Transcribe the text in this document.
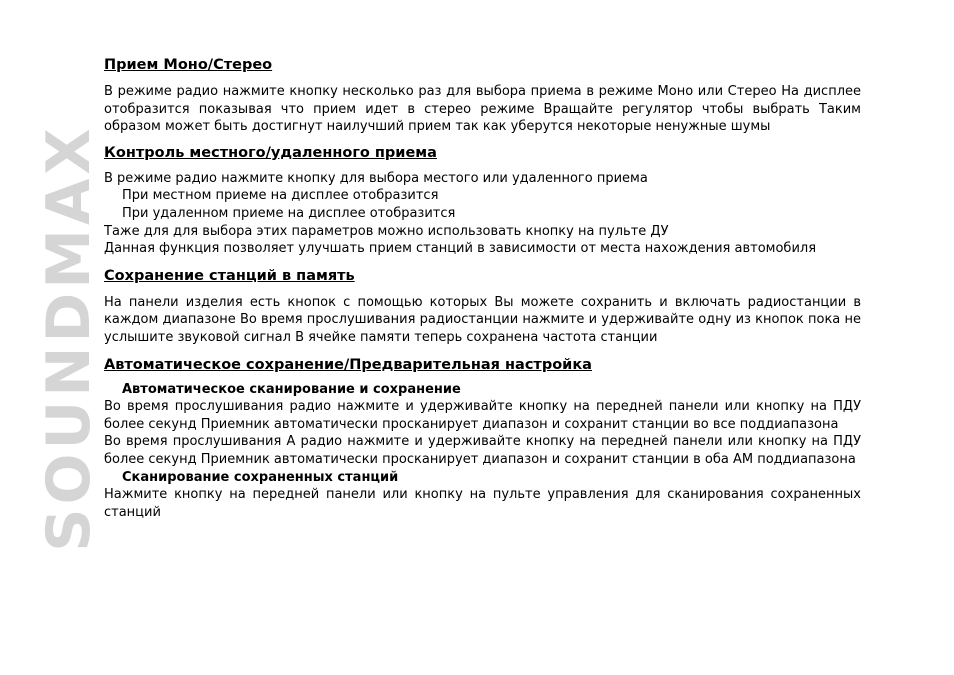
SOUNDMAX
Прием Моно/Стерео

В режиме радио нажмите кнопку несколько раз для выбора приема в режиме Моно или Стерео На дисплее отобразится показывая что прием идет в стерео режиме Вращайте регулятор чтобы выбрать Таким образом может быть достигнут наилучший прием так как уберутся некоторые ненужные шумы

Контроль местного/удаленного приема

В режиме радио нажмите кнопку для выбора местого или удаленного приема

При местном приеме на дисплее отобразится

При удаленном приеме на дисплее отобразится

Таже для для выбора этих параметров можно использовать кнопку на пульте ДУ

Данная функция позволяет улучшать прием станций в зависимости от места нахождения автомобиля

Сохранение станций в память

На панели изделия есть кнопок с помощью которых Вы можете сохранить и включать радиостанции в каждом диапазоне Во время прослушивания радиостанции нажмите и удерживайте одну из кнопок пока не услышите звуковой сигнал В ячейке памяти теперь сохранена частота станции

Автоматическое сохранение/Предварительная настройка

Автоматическое сканирование и сохранение

Во время прослушивания радио нажмите и удерживайте кнопку на передней панели или кнопку на ПДУ более секунд Приемник автоматически просканирует диапазон и сохранит станции во все поддиапазона

Во время прослушивания А радио нажмите и удерживайте кнопку на передней панели или кнопку на ПДУ более секунд Приемник автоматически просканирует диапазон и сохранит станции в оба АМ поддиапазона

Сканирование сохраненных станций

Нажмите кнопку на передней панели или кнопку на пульте управления для сканирования сохраненных станций
